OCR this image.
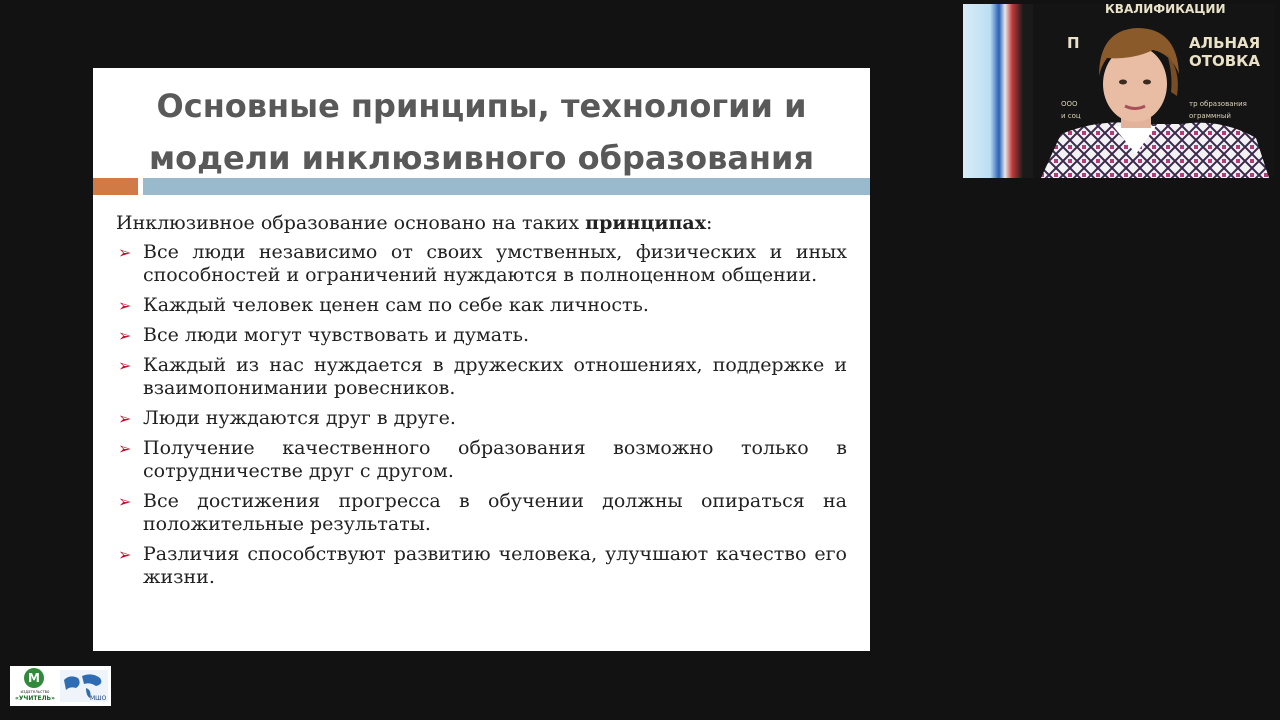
Основные принципы, технологии и
модели инклюзивного образования

Инклюзивное образование основано на таких принципах:

➢ Все люди независимо от своих умственных, физических и иных способностей и ограничений нуждаются в полноценном общении.
➢ Каждый человек ценен сам по себе как личность.
➢ Все люди могут чувствовать и думать.
➢ Каждый из нас нуждается в дружеских отношениях, поддержке и взаимопонимании ровесников.
➢ Люди нуждаются друг в друге.
➢ Получение качественного образования возможно только в сотрудничестве друг с другом.
➢ Все достижения прогресса в обучении должны опираться на положительные результаты.
➢ Различия способствуют развитию человека, улучшают качество его жизни.
КВАЛИФИКАЦИИ
П	АЛЬНАЯ
ОТОВКА
ООО	тр образования
и соц	ограммный
М
издательство
«УЧИТЕЛЬ»	МШО
